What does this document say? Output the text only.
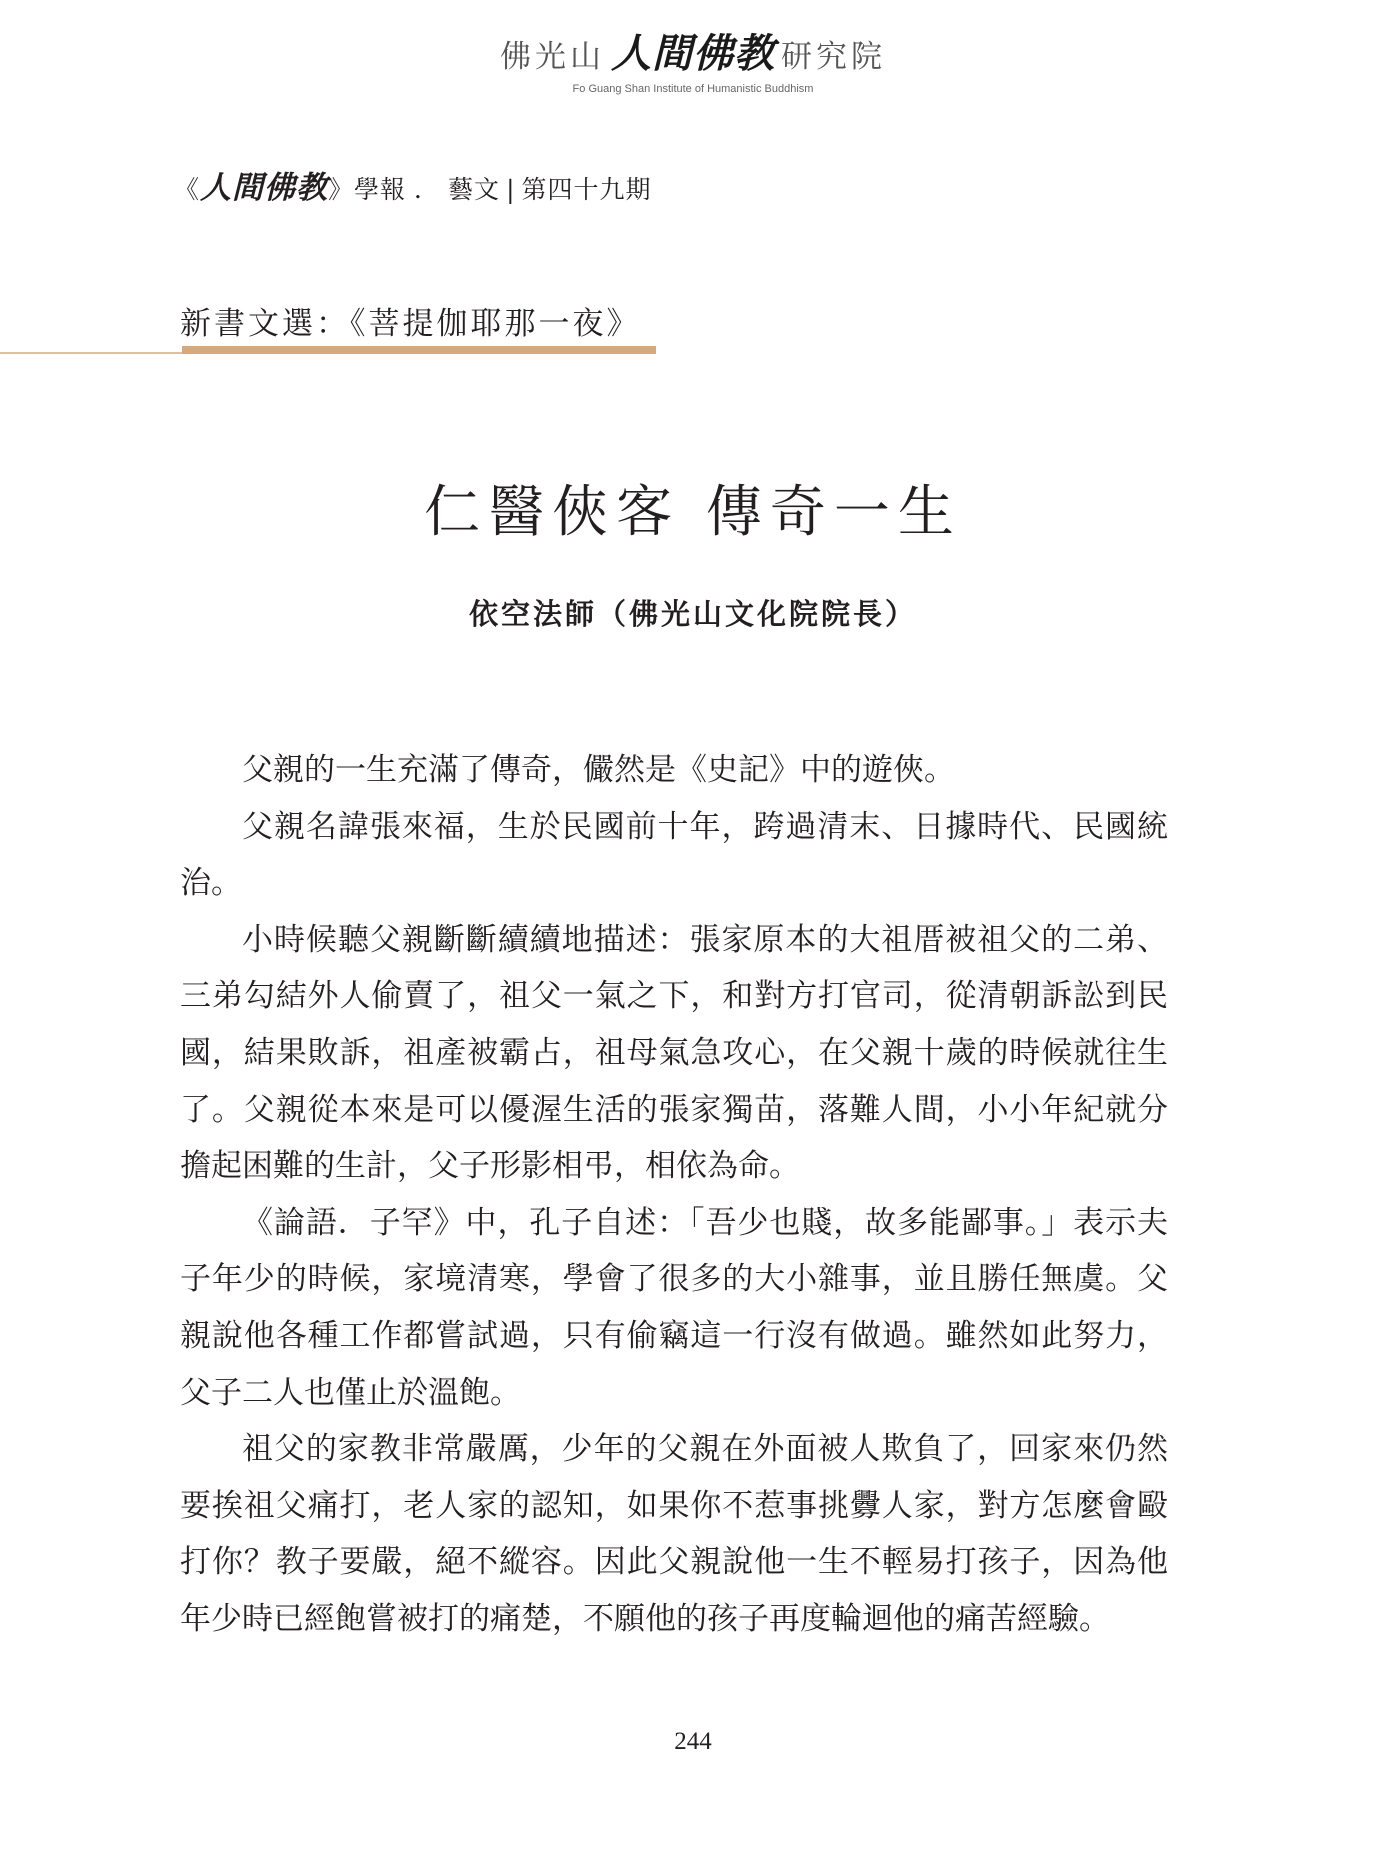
佛光山 人間佛教 研究院
Fo Guang Shan Institute of Humanistic Buddhism
《人間佛教》學報 ． 藝文 | 第四十九期
新書文選：《菩提伽耶那一夜》
仁醫俠客 傳奇一生
依空法師（佛光山文化院院長）

父親的一生充滿了傳奇，儼然是《史記》中的遊俠。

父親名諱張來福，生於民國前十年，跨過清末、日據時代、民國統治。

小時候聽父親斷斷續續地描述：張家原本的大祖厝被祖父的二弟、三弟勾結外人偷賣了，祖父一氣之下，和對方打官司，從清朝訴訟到民國，結果敗訴，祖產被霸占，祖母氣急攻心，在父親十歲的時候就往生了。父親從本來是可以優渥生活的張家獨苗，落難人間，小小年紀就分擔起困難的生計，父子形影相弔，相依為命。

《論語．子罕》中，孔子自述：「吾少也賤，故多能鄙事。」表示夫子年少的時候，家境清寒，學會了很多的大小雜事，並且勝任無虞。父親說他各種工作都嘗試過，只有偷竊這一行沒有做過。雖然如此努力，父子二人也僅止於溫飽。

祖父的家教非常嚴厲，少年的父親在外面被人欺負了，回家來仍然要挨祖父痛打，老人家的認知，如果你不惹事挑釁人家，對方怎麼會毆打你？教子要嚴，絕不縱容。因此父親說他一生不輕易打孩子，因為他年少時已經飽嘗被打的痛楚，不願他的孩子再度輪迴他的痛苦經驗。

244
